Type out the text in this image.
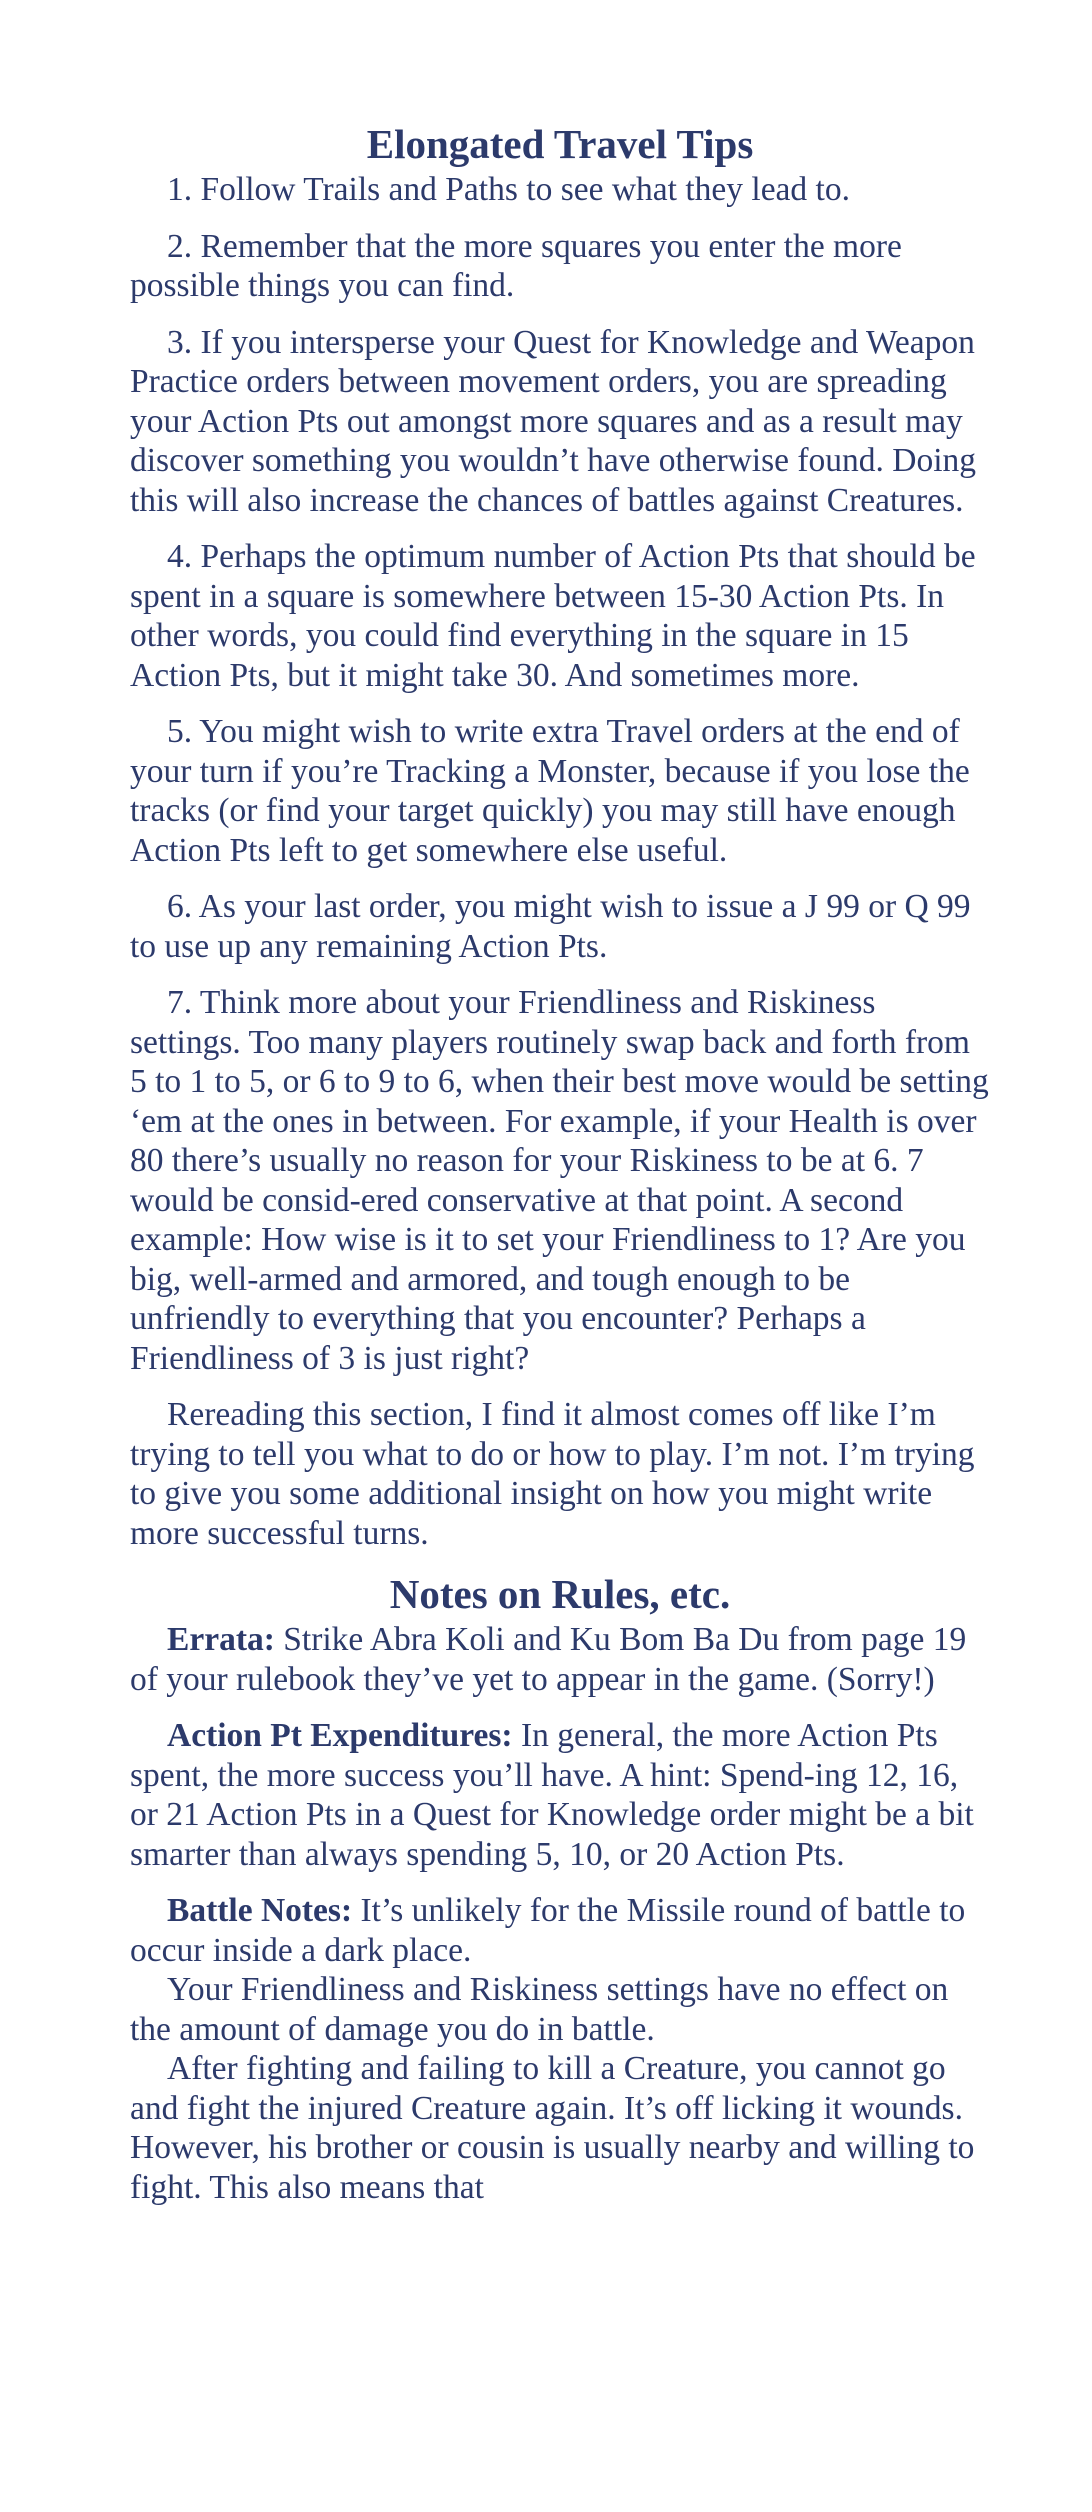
Elongated Travel Tips

1. Follow Trails and Paths to see what they lead to.

2. Remember that the more squares you enter the more possible things you can find.

3. If you intersperse your Quest for Knowledge and Weapon Practice orders between movement orders, you are spreading your Action Pts out amongst more squares and as a result may discover something you wouldn’t have otherwise found. Doing this will also increase the chances of battles against Creatures.

4. Perhaps the optimum number of Action Pts that should be spent in a square is somewhere between 15-30 Action Pts. In other words, you could find everything in the square in 15 Action Pts, but it might take 30. And sometimes more.

5. You might wish to write extra Travel orders at the end of your turn if you’re Tracking a Monster, because if you lose the tracks (or find your target quickly) you may still have enough Action Pts left to get somewhere else useful.

6. As your last order, you might wish to issue a J 99 or Q 99 to use up any remaining Action Pts.

7. Think more about your Friendliness and Riskiness settings. Too many players routinely swap back and forth from 5 to 1 to 5, or 6 to 9 to 6, when their best move would be setting ‘em at the ones in between. For example, if your Health is over 80 there’s usually no reason for your Riskiness to be at 6. 7 would be consid-ered conservative at that point. A second example: How wise is it to set your Friendliness to 1? Are you big, well-armed and armored, and tough enough to be unfriendly to everything that you encounter? Perhaps a Friendliness of 3 is just right?

Rereading this section, I find it almost comes off like I’m trying to tell you what to do or how to play. I’m not. I’m trying to give you some additional insight on how you might write more successful turns.

Notes on Rules, etc.

Errata: Strike Abra Koli and Ku Bom Ba Du from page 19 of your rulebook they’ve yet to appear in the game. (Sorry!)

Action Pt Expenditures: In general, the more Action Pts spent, the more success you’ll have. A hint: Spend-ing 12, 16, or 21 Action Pts in a Quest for Knowledge order might be a bit smarter than always spending 5, 10, or 20 Action Pts.

Battle Notes: It’s unlikely for the Missile round of battle to occur inside a dark place.

Your Friendliness and Riskiness settings have no effect on the amount of damage you do in battle.

After fighting and failing to kill a Creature, you cannot go and fight the injured Creature again. It’s off licking it wounds. However, his brother or cousin is usually nearby and willing to fight. This also means that
